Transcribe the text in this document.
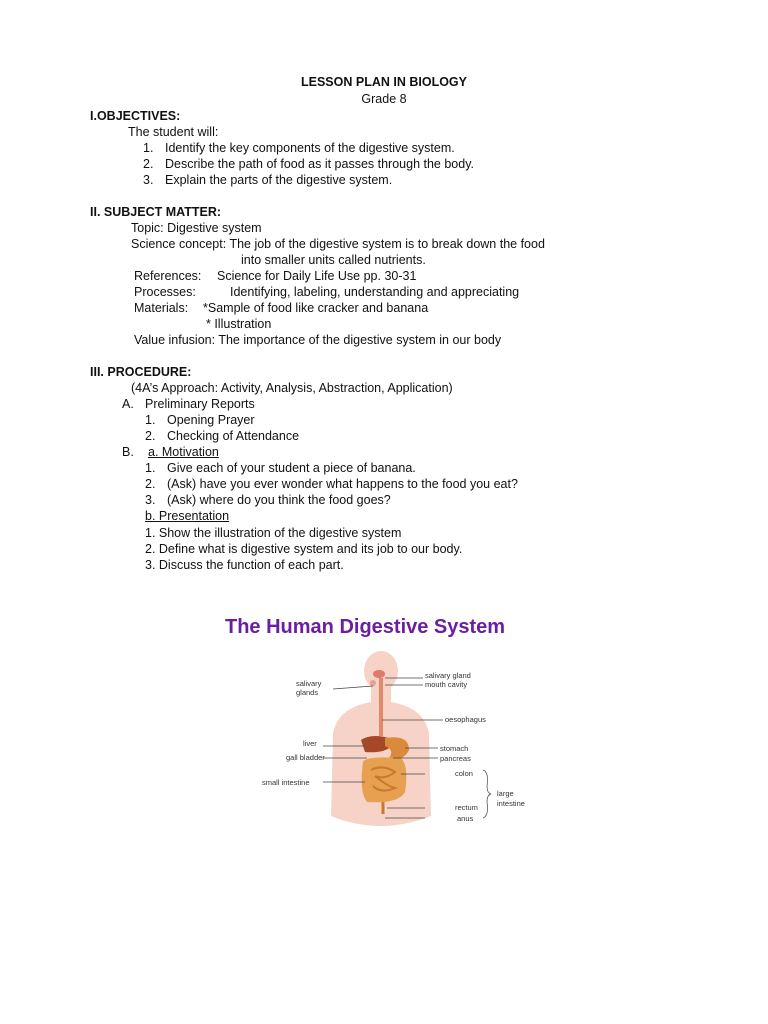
LESSON PLAN IN BIOLOGY
Grade 8
I.OBJECTIVES:
The student will:
1. Identify the key components of the digestive system.
2. Describe the path of food as it passes through the body.
3. Explain the parts of the digestive system.
II. SUBJECT MATTER:
Topic: Digestive system
Science concept: The job of the digestive system is to break down the food
into smaller units called nutrients.
References: Science for Daily Life Use pp. 30-31
Processes:	Identifying, labeling, understanding and appreciating
Materials: *Sample of food like cracker and banana
* Illustration
Value infusion: The importance of the digestive system in our body
III. PROCEDURE:
(4A’s Approach: Activity, Analysis, Abstraction, Application)
A. Preliminary Reports
1. Opening Prayer
2. Checking of Attendance
B. a. Motivation
1. Give each of your student a piece of banana.
2. (Ask) have you ever wonder what happens to the food you eat?
3. (Ask) where do you think the food goes?
b. Presentation
1. Show the illustration of the digestive system
2. Define what is digestive system and its job to our body.
3. Discuss the function of each part.
The Human Digestive System
salivary gland
mouth cavity
salivary
glands
oesophagus
liver
stomach
gall bladder	pancreas
colon
large
intestine
small intestine
rectum
anus
